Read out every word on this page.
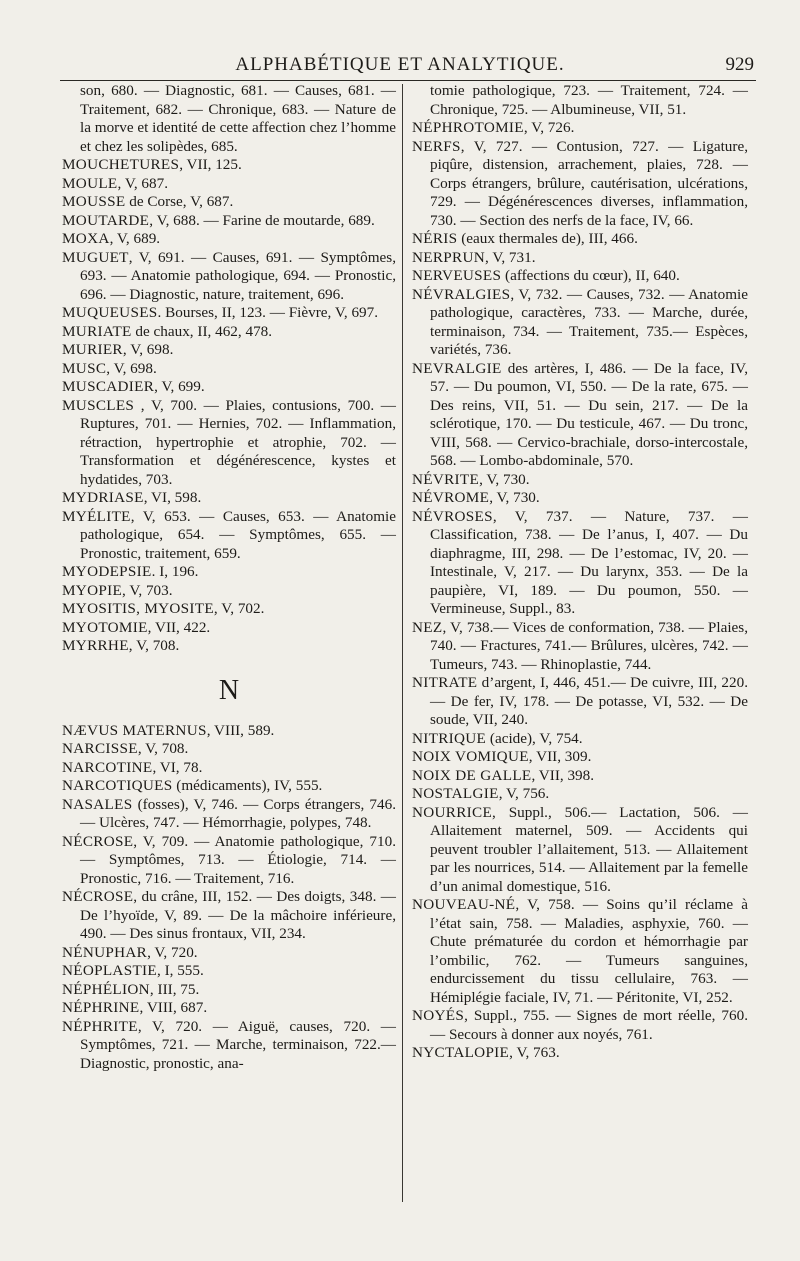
ALPHABÉTIQUE ET ANALYTIQUE.	929

son, 680. — Diagnostic, 681. — Causes, 681. — Traitement, 682. — Chronique, 683. — Nature de la morve et identité de cette affection chez l’homme et chez les solipèdes, 685.

MOUCHETURES, VII, 125.

MOULE, V, 687.

MOUSSE de Corse, V, 687.

MOUTARDE, V, 688. — Farine de moutarde, 689.

MOXA, V, 689.

MUGUET, V, 691. — Causes, 691. — Symptômes, 693. — Anatomie pathologique, 694. — Pronostic, 696. — Diagnostic, nature, traitement, 696.

MUQUEUSES. Bourses, II, 123. — Fièvre, V, 697.

MURIATE de chaux, II, 462, 478.

MURIER, V, 698.

MUSC, V, 698.

MUSCADIER, V, 699.

MUSCLES , V, 700. — Plaies, contusions, 700. — Ruptures, 701. — Hernies, 702. — Inflammation, rétraction, hypertrophie et atrophie, 702. — Transformation et dégénérescence, kystes et hydatides, 703.

MYDRIASE, VI, 598.

MYÉLITE, V, 653. — Causes, 653. — Anatomie pathologique, 654. — Symptômes, 655. — Pronostic, traitement, 659.

MYODEPSIE. I, 196.

MYOPIE, V, 703.

MYOSITIS, MYOSITE, V, 702.

MYOTOMIE, VII, 422.

MYRRHE, V, 708.

N

NÆVUS MATERNUS, VIII, 589.

NARCISSE, V, 708.

NARCOTINE, VI, 78.

NARCOTIQUES (médicaments), IV, 555.

NASALES (fosses), V, 746. — Corps étrangers, 746. — Ulcères, 747. — Hémorrhagie, polypes, 748.

NÉCROSE, V, 709. — Anatomie pathologique, 710. — Symptômes, 713. — Étiologie, 714. — Pronostic, 716. — Traitement, 716.

NÉCROSE, du crâne, III, 152. — Des doigts, 348. — De l’hyoïde, V, 89. — De la mâchoire inférieure, 490. — Des sinus frontaux, VII, 234.

NÉNUPHAR, V, 720.

NÉOPLASTIE, I, 555.

NÉPHÉLION, III, 75.

NÉPHRINE, VIII, 687.

NÉPHRITE, V, 720. — Aiguë, causes, 720. — Symptômes, 721. — Marche, terminaison, 722.— Diagnostic, pronostic, ana-

tomie pathologique, 723. — Traitement, 724. — Chronique, 725. — Albumineuse, VII, 51.

NÉPHROTOMIE, V, 726.

NERFS, V, 727. — Contusion, 727. — Ligature, piqûre, distension, arrachement, plaies, 728. — Corps étrangers, brûlure, cautérisation, ulcérations, 729. — Dégénérescences diverses, inflammation, 730. — Section des nerfs de la face, IV, 66.

NÉRIS (eaux thermales de), III, 466.

NERPRUN, V, 731.

NERVEUSES (affections du cœur), II, 640.

NÉVRALGIES, V, 732. — Causes, 732. — Anatomie pathologique, caractères, 733. — Marche, durée, terminaison, 734. — Traitement, 735.— Espèces, variétés, 736.

NEVRALGIE des artères, I, 486. — De la face, IV, 57. — Du poumon, VI, 550. — De la rate, 675. — Des reins, VII, 51. — Du sein, 217. — De la sclérotique, 170. — Du testicule, 467. — Du tronc, VIII, 568. — Cervico-brachiale, dorso-intercostale, 568. — Lombo-abdominale, 570.

NÉVRITE, V, 730.

NÉVROME, V, 730.

NÉVROSES, V, 737. — Nature, 737. — Classification, 738. — De l’anus, I, 407. — Du diaphragme, III, 298. — De l’estomac, IV, 20. — Intestinale, V, 217. — Du larynx, 353. — De la paupière, VI, 189. — Du poumon, 550. —Vermineuse, Suppl., 83.

NEZ, V, 738.— Vices de conformation, 738. — Plaies, 740. — Fractures, 741.— Brûlures, ulcères, 742. — Tumeurs, 743. — Rhinoplastie, 744.

NITRATE d’argent, I, 446, 451.— De cuivre, III, 220. — De fer, IV, 178. — De potasse, VI, 532. — De soude, VII, 240.

NITRIQUE (acide), V, 754.

NOIX VOMIQUE, VII, 309.

NOIX DE GALLE, VII, 398.

NOSTALGIE, V, 756.

NOURRICE, Suppl., 506.— Lactation, 506. — Allaitement maternel, 509. — Accidents qui peuvent troubler l’allaitement, 513. — Allaitement par les nourrices, 514. — Allaitement par la femelle d’un animal domestique, 516.

NOUVEAU-NÉ, V, 758. — Soins qu’il réclame à l’état sain, 758. — Maladies, asphyxie, 760. — Chute prématurée du cordon et hémorrhagie par l’ombilic, 762. — Tumeurs sanguines, endurcissement du tissu cellulaire, 763. — Hémiplégie faciale, IV, 71. — Péritonite, VI, 252.

NOYÉS, Suppl., 755. — Signes de mort réelle, 760. — Secours à donner aux noyés, 761.

NYCTALOPIE, V, 763.
